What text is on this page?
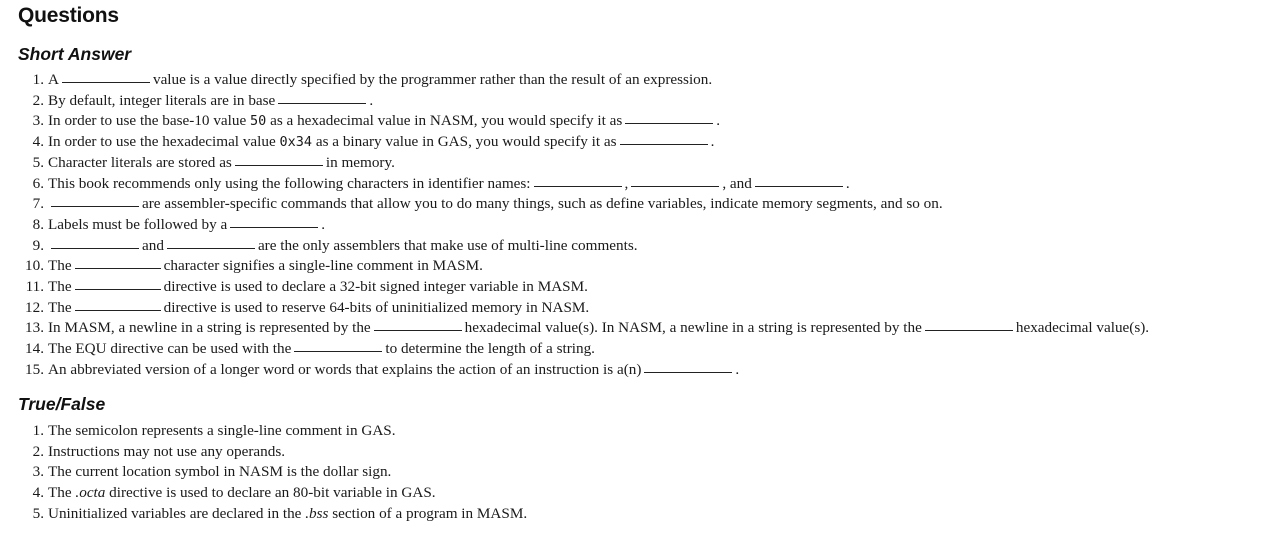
Questions
Short Answer
1. A	value is a value directly specified by the programmer rather than the result of an expression.
2. By default, integer literals are in base	.
3. In order to use the base-10 value
50
as a hexadecimal value in NASM, you would specify it as	.
4. In order to use the hexadecimal value
0x34
as a binary value in GAS, you would specify it as	.
5. Character literals are stored as	in memory.
6. This book recommends only using the following characters in identifier names:	,	, and	.
7.	are assembler-specific commands that allow you to do many things, such as define variables, indicate memory segments, and so on.
8. Labels must be followed by a	.
9.	and	are the only assemblers that make use of multi-line comments.
10. The	character signifies a single-line comment in MASM.
11. The	directive is used to declare a 32-bit signed integer variable in MASM.
12. The	directive is used to reserve 64-bits of uninitialized memory in NASM.
13. In MASM, a newline in a string is represented by the	hexadecimal value(s). In NASM, a newline in a string is represented by the	hexadecimal value(s).
14. The EQU directive can be used with the	to determine the length of a string.
15. An abbreviated version of a longer word or words that explains the action of an instruction is a(n)	.
True/False
1. The semicolon represents a single-line comment in GAS.
2. Instructions may not use any operands.
3. The current location symbol in NASM is the dollar sign.
4. The
.octa
directive is used to declare an 80-bit variable in GAS.
5. Uninitialized variables are declared in the
.bss
section of a program in MASM.
